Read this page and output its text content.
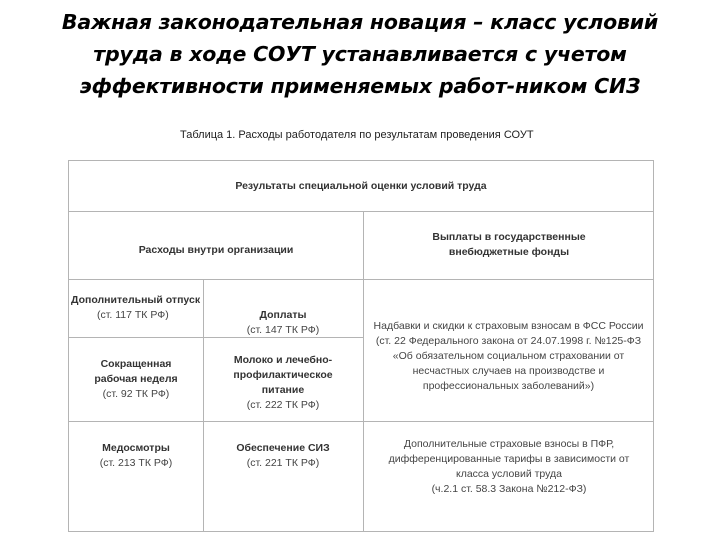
Важная законодательная новация – класс условий
труда в ходе СОУТ устанавливается с учетом
эффективности применяемых работ-ником СИЗ
Таблица 1. Расходы работодателя по результатам проведения СОУТ
Результаты специальной оценки условий труда
Расходы внутри организации
Выплаты в государственные внебюджетные фонды
Дополнительный отпуск
(ст. 117 ТК РФ)
Сокращенная рабочая неделя
(ст. 92 ТК РФ)
Медосмотры
(ст. 213 ТК РФ)
Доплаты
(ст. 147 ТК РФ)
Молоко и лечебно-профилактическое питание
(ст. 222 ТК РФ)
Обеспечение СИЗ
(ст. 221 ТК РФ)
Надбавки и скидки к страховым взносам в ФСС России (ст. 22 Федерального закона от 24.07.1998 г. №125-ФЗ «Об обязательном социальном страховании от несчастных случаев на производстве и профессиональных заболеваний»)
Дополнительные страховые взносы в ПФР, дифференцированные тарифы в зависимости от класса условий труда
(ч.2.1 ст. 58.3 Закона №212-ФЗ)
